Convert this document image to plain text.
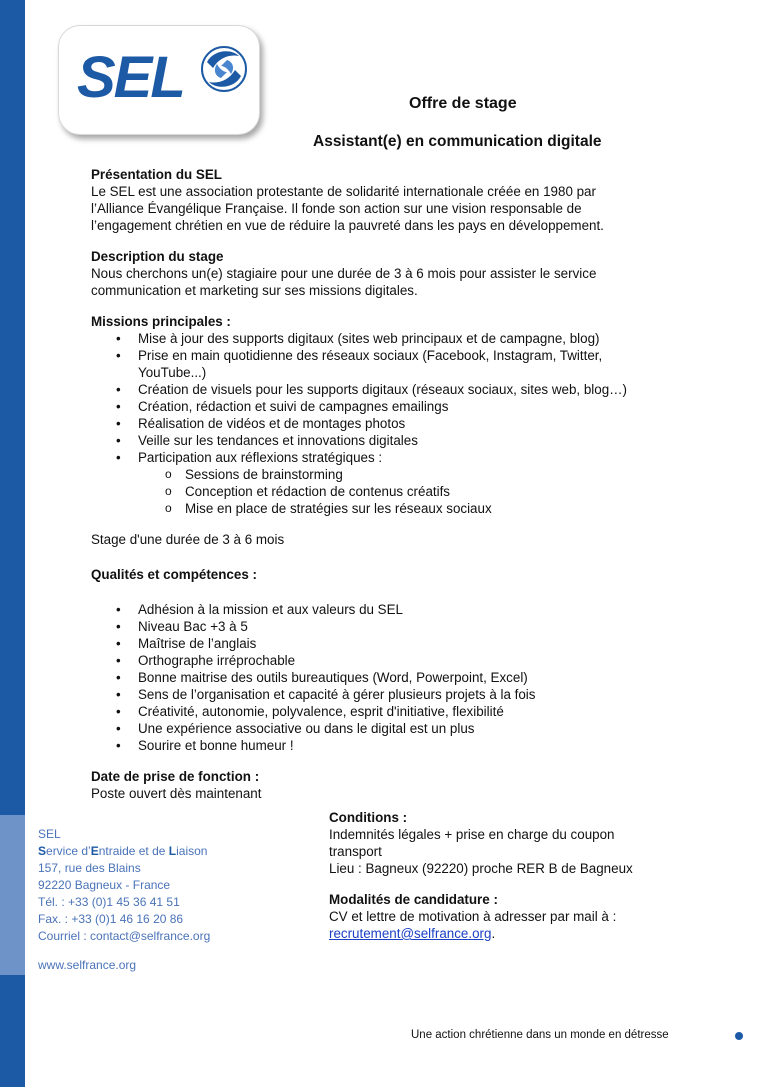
SEL	Offre de stage
Assistant(e) en communication digitale
Présentation du SEL
Le SEL est une association protestante de solidarité internationale créée en 1980 par
l’Alliance Évangélique Française. Il fonde son action sur une vision responsable de
l’engagement chrétien en vue de réduire la pauvreté dans les pays en développement.
Description du stage
Nous cherchons un(e) stagiaire pour une durée de 3 à 6 mois pour assister le service
communication et marketing sur ses missions digitales.
Missions principales :
• Mise à jour des supports digitaux (sites web principaux et de campagne, blog)
• Prise en main quotidienne des réseaux sociaux (Facebook, Instagram, Twitter, YouTube...)
• Création de visuels pour les supports digitaux (réseaux sociaux, sites web, blog…)
• Création, rédaction et suivi de campagnes emailings
• Réalisation de vidéos et de montages photos
• Veille sur les tendances et innovations digitales
• Participation aux réflexions stratégiques :
o Sessions de brainstorming
o Conception et rédaction de contenus créatifs
o Mise en place de stratégies sur les réseaux sociaux
Stage d'une durée de 3 à 6 mois
Qualités et compétences :
• Adhésion à la mission et aux valeurs du SEL
• Niveau Bac +3 à 5
• Maîtrise de l’anglais
• Orthographe irréprochable
• Bonne maitrise des outils bureautiques (Word, Powerpoint, Excel)
• Sens de l’organisation et capacité à gérer plusieurs projets à la fois
• Créativité, autonomie, polyvalence, esprit d'initiative, flexibilité
• Une expérience associative ou dans le digital est un plus
• Sourire et bonne humeur !
Date de prise de fonction :
Poste ouvert dès maintenant
Conditions :
Indemnités légales + prise en charge du coupon
transport
Lieu : Bagneux (92220) proche RER B de Bagneux
Modalités de candidature :
CV et lettre de motivation à adresser par mail à :
recrutement@selfrance.org.
SEL
Service d’Entraide et de Liaison
157, rue des Blains
92220 Bagneux - France
Tél. : +33 (0)1 45 36 41 51
Fax. : +33 (0)1 46 16 20 86
Courriel : contact@selfrance.org
www.selfrance.org
Une action chrétienne dans un monde en détresse
